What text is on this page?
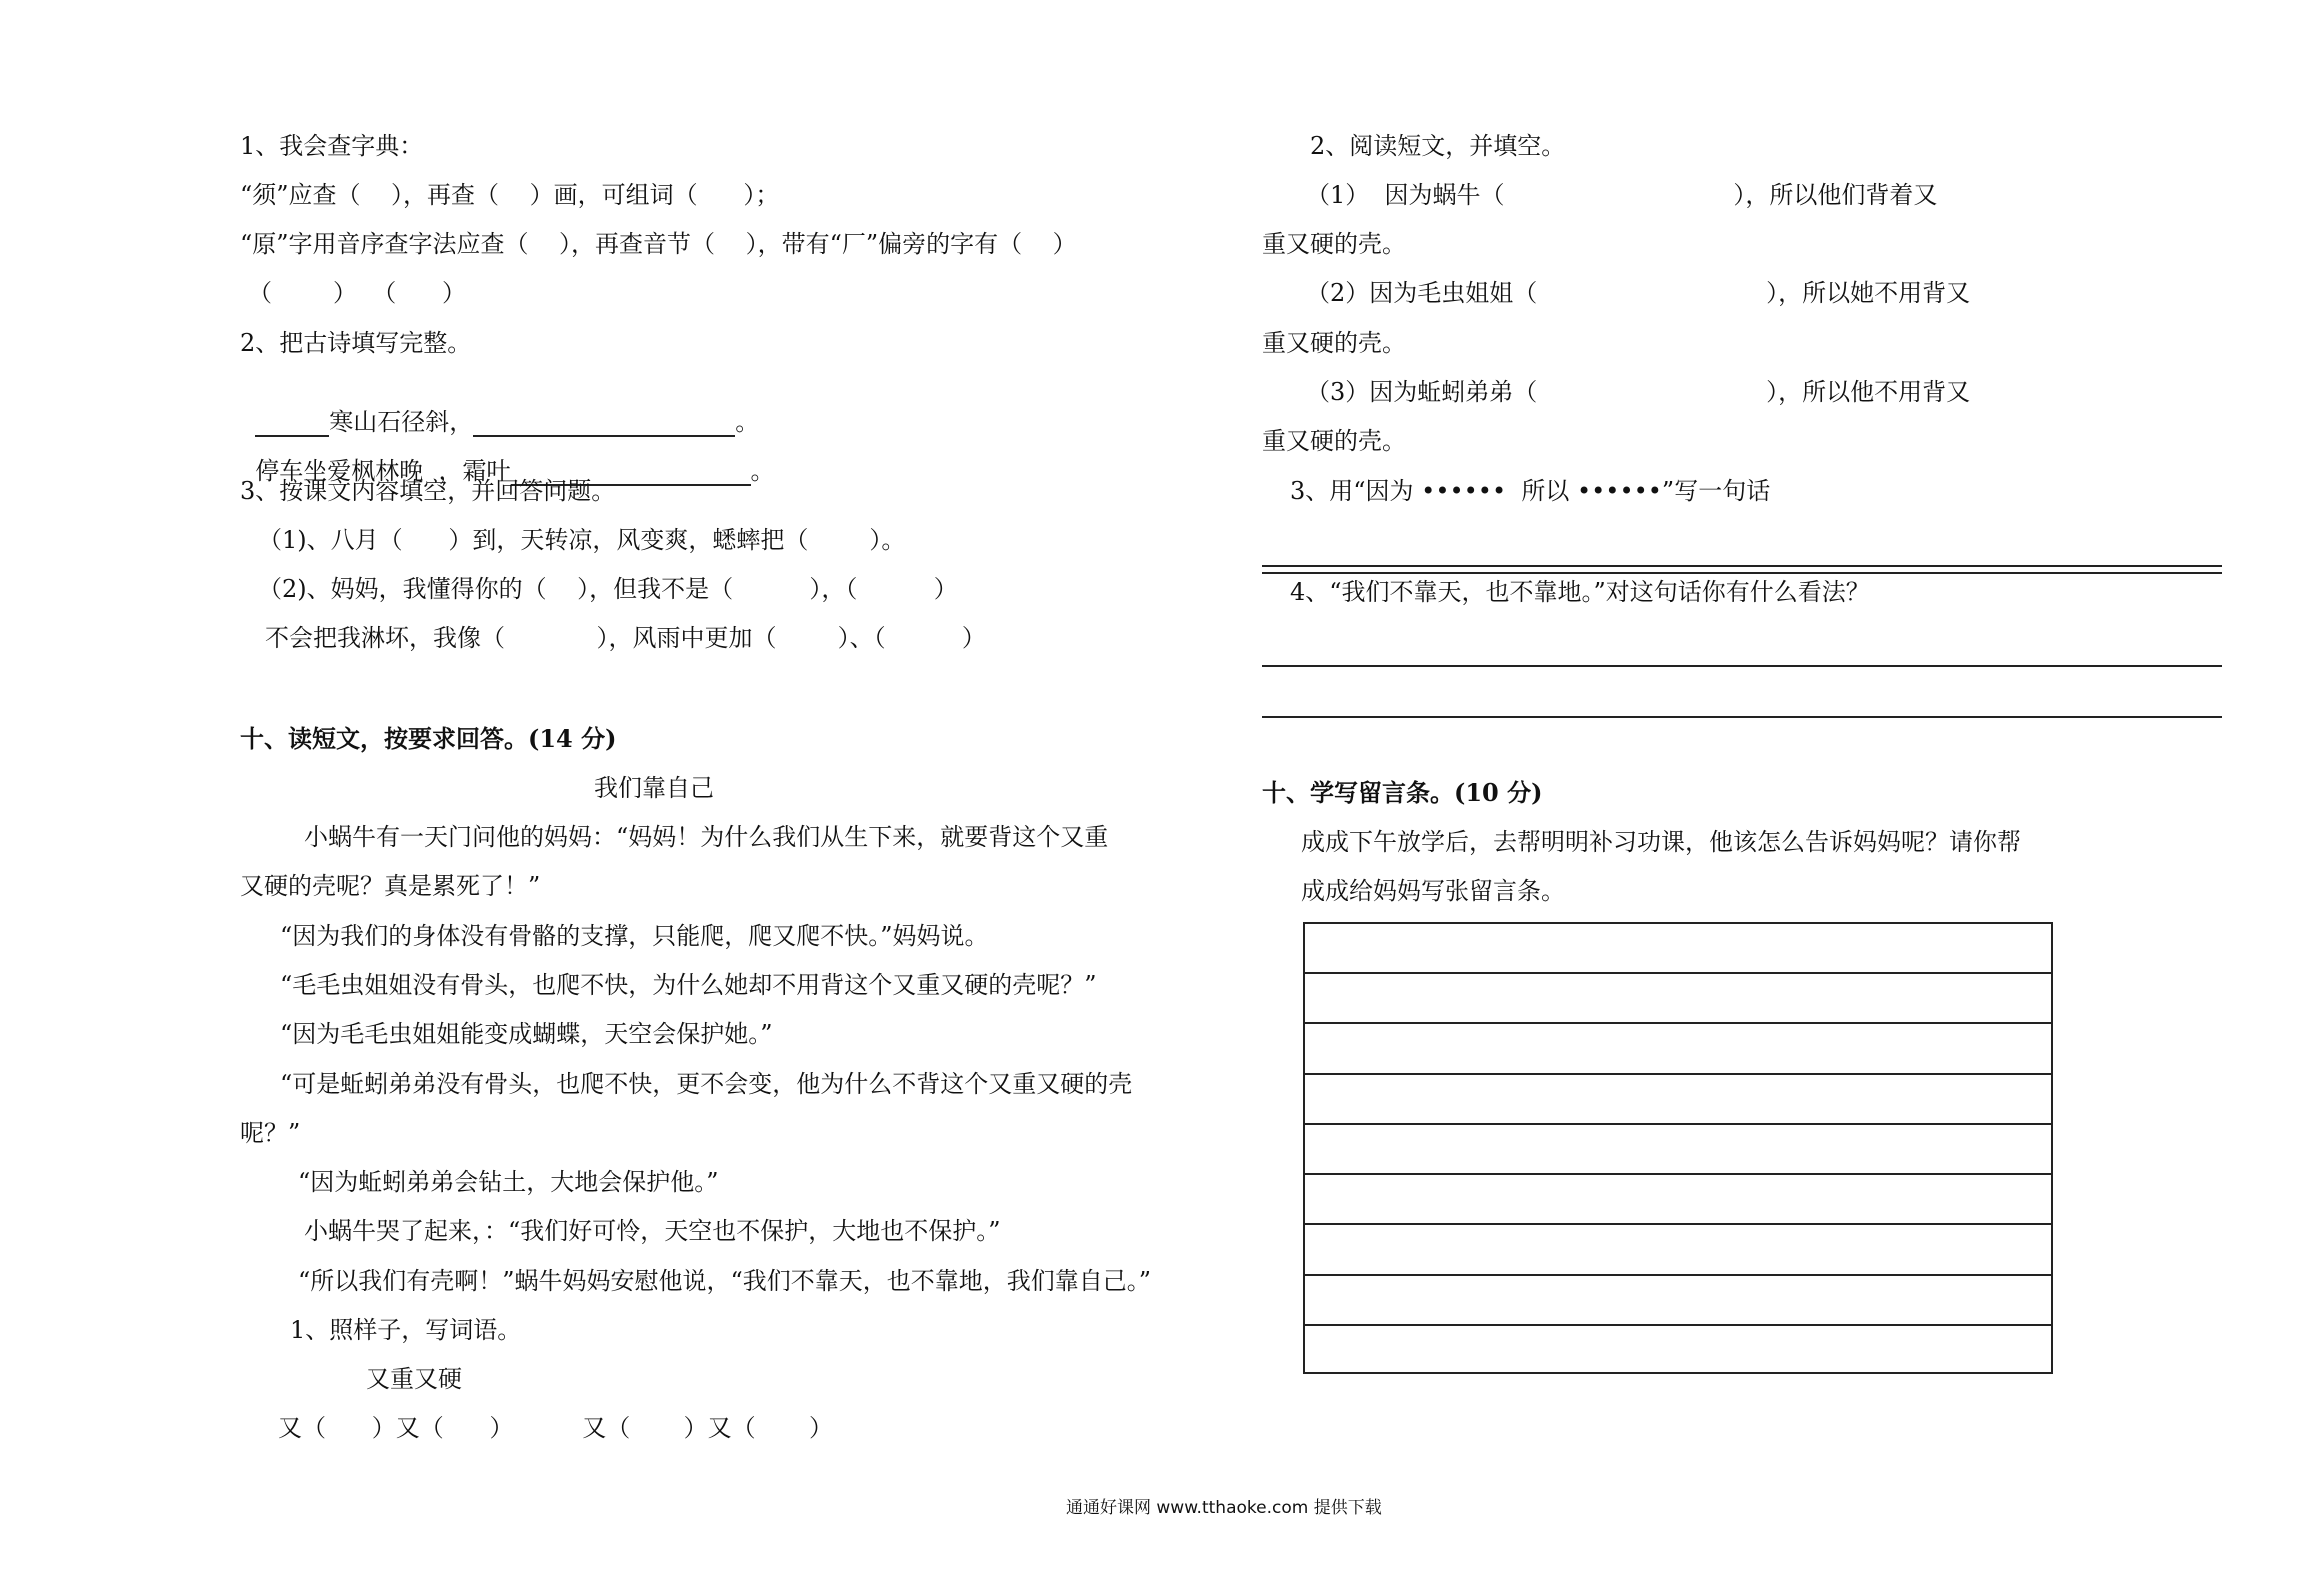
1、我会查字典：
“须”应查（    ），再查（    ）画，可组词（      ）；
“原”字用音序查字法应查（    ），再查音节（    ），带有“厂”偏旁的字有（    ）
（        ）  （      ）
2、把古诗填写完整。

寒山石径斜，	。

停车坐爱枫林晚  ，霜叶	。

3、按课文内容填空，并回答问题。
（1)、八月（      ）到，天转凉，风变爽，蟋蟀把（        ）。
（2)、妈妈，我懂得你的（    ），但我不是（          ），（          ）
不会把我淋坏，我像（            ），风雨中更加（        ）、（          ）
十、读短文，按要求回答。(14 分)
我们靠自己
小蜗牛有一天门问他的妈妈：“妈妈！为什么我们从生下来，就要背这个又重
又硬的壳呢？真是累死了！”
“因为我们的身体没有骨骼的支撑，只能爬，爬又爬不快。”妈妈说。
“毛毛虫姐姐没有骨头，也爬不快，为什么她却不用背这个又重又硬的壳呢？”
“因为毛毛虫姐姐能变成蝴蝶，天空会保护她。”
“可是蚯蚓弟弟没有骨头，也爬不快，更不会变，他为什么不背这个又重又硬的壳
呢？”
“因为蚯蚓弟弟会钻土，大地会保护他。”
小蜗牛哭了起来，：“我们好可怜，天空也不保护，大地也不保护。”
“所以我们有壳啊！”蜗牛妈妈安慰他说，“我们不靠天，也不靠地，我们靠自己。”
1、照样子，写词语。
又重又硬
又（      ）又（      ）         又（       ）又（       ）
2、阅读短文，并填空。
（1）  因为蜗牛（                              ），所以他们背着又
重又硬的壳。
（2）因为毛虫姐姐（                              ），所以她不用背又
重又硬的壳。
（3）因为蚯蚓弟弟（                              ），所以他不用背又
重又硬的壳。
3、用“因为 ••••••  所以 ••••••”写一句话
4、“我们不靠天，也不靠地。”对这句话你有什么看法？
十、学写留言条。(10 分)
成成下午放学后，去帮明明补习功课，他该怎么告诉妈妈呢？请你帮
成成给妈妈写张留言条。
通通好课网 www.tthaoke.com 提供下载
